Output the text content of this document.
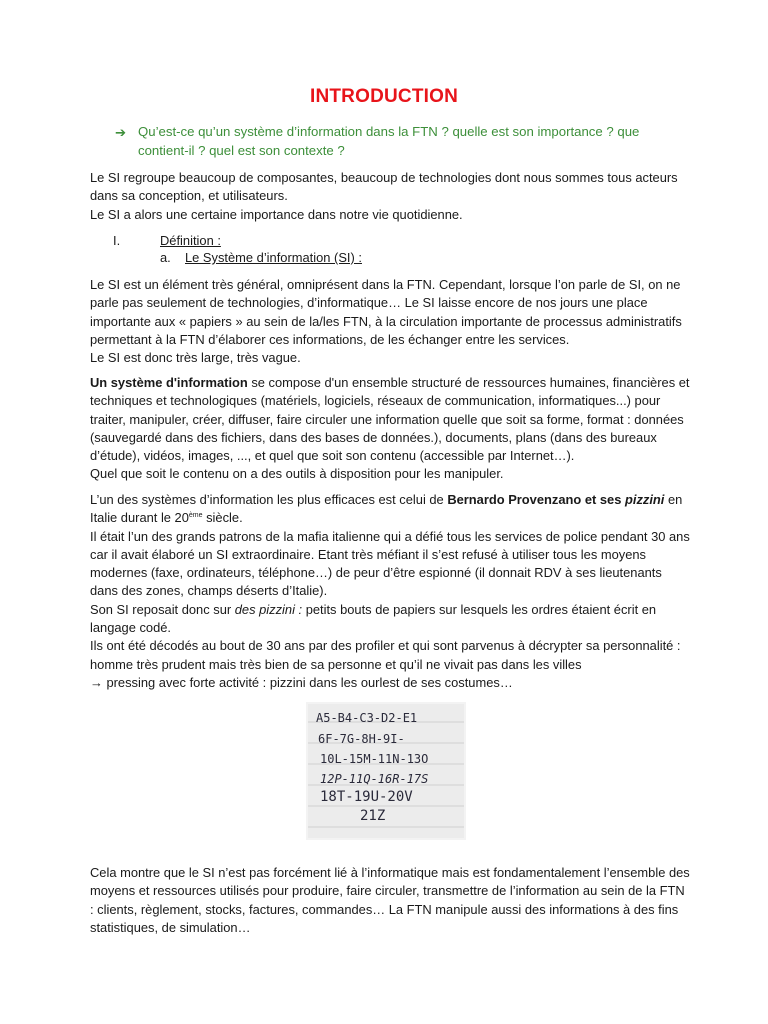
INTRODUCTION
➔ Qu’est-ce qu’un système d’information dans la FTN ? quelle est son importance ? que contient-il ? quel est son contexte ?

Le SI regroupe beaucoup de composantes, beaucoup de technologies dont nous sommes tous acteurs dans sa conception, et utilisateurs.

Le SI a alors une certaine importance dans notre vie quotidienne.

I.	Définition :
a. Le Système d’information (SI) :

Le SI est un élément très général, omniprésent dans la FTN. Cependant, lorsque l’on parle de SI, on ne parle pas seulement de technologies, d’informatique… Le SI laisse encore de nos jours une place importante aux « papiers » au sein de la/les FTN, à la circulation importante de processus administratifs permettant à la FTN d’élaborer ces informations, de les échanger entre les services.

Le SI est donc très large, très vague.

Un système d'information se compose d'un ensemble structuré de ressources humaines, financières et techniques et technologiques (matériels, logiciels, réseaux de communication, informatiques...) pour traiter, manipuler, créer, diffuser, faire circuler une information quelle que soit sa forme, format : données (sauvegardé dans des fichiers, dans des bases de données.), documents, plans (dans des bureaux d’étude), vidéos, images, ..., et quel que soit son contenu (accessible par Internet…).

Quel que soit le contenu on a des outils à disposition pour les manipuler.

L’un des systèmes d’information les plus efficaces est celui de Bernardo Provenzano et ses pizzini en Italie durant le 20ème siècle.

Il était l’un des grands patrons de la mafia italienne qui a défié tous les services de police pendant 30 ans car il avait élaboré un SI extraordinaire. Etant très méfiant il s’est refusé à utiliser tous les moyens modernes (faxe, ordinateurs, téléphone…) de peur d’être espionné (il donnait RDV à ses lieutenants dans des zones, champs déserts d’Italie).

Son SI reposait donc sur des pizzini : petits bouts de papiers sur lesquels les ordres étaient écrit en langage codé.

Ils ont été décodés au bout de 30 ans par des profiler et qui sont parvenus à décrypter sa personnalité : homme très prudent mais très bien de sa personne et qu’il ne vivait pas dans les villes

→ pressing avec forte activité : pizzini dans les ourlest de ses costumes…

A5-B4-C3-D2-E1
6F-7G-8H-9I-
10L-15M-11N-13O
12P-11Q-16R-17S
18T-19U-20V
21Z

Cela montre que le SI n’est pas forcément lié à l’informatique mais est fondamentalement l’ensemble des moyens et ressources utilisés pour produire, faire circuler, transmettre de l’information au sein de la FTN : clients, règlement, stocks, factures, commandes… La FTN manipule aussi des informations à des fins statistiques, de simulation…
